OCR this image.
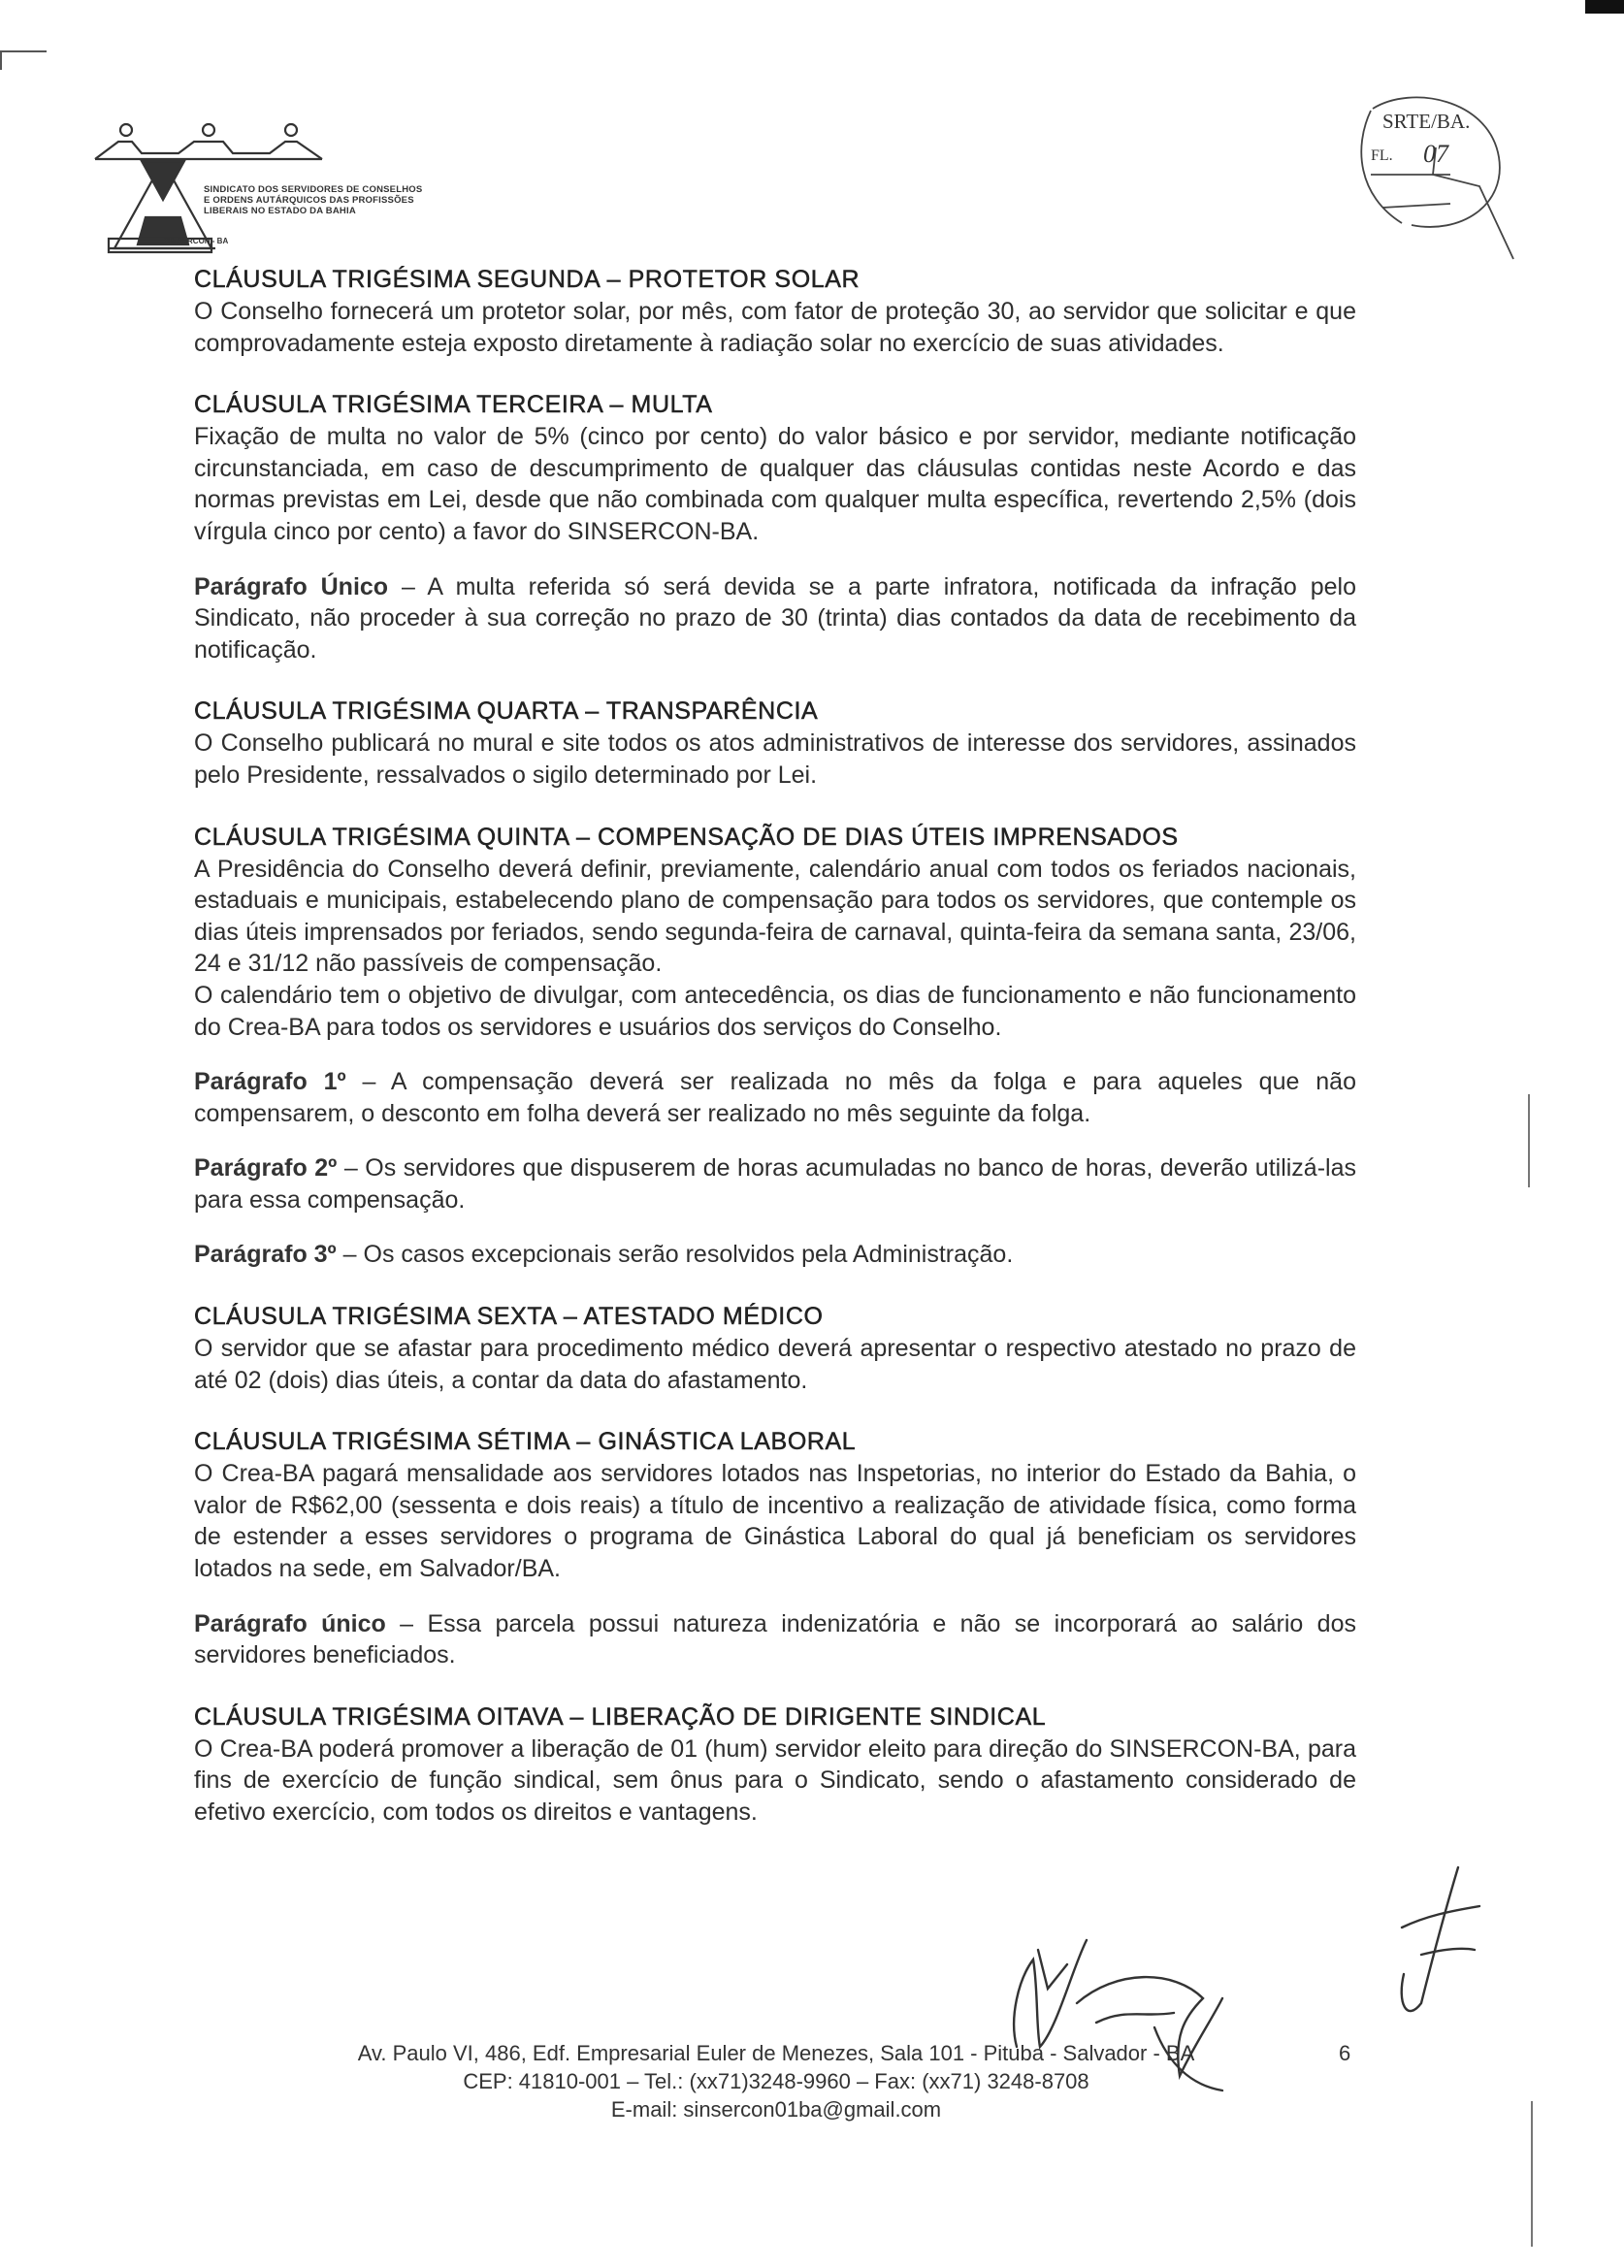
SINDICATO DOS SERVIDORES DE CONSELHOS
E ORDENS AUTÁRQUICOS DAS PROFISSÕES
LIBERAIS NO ESTADO DA BAHIA
SINSERCON - BA
SRTE/BA.
FL. 07
CLÁUSULA TRIGÉSIMA SEGUNDA – PROTETOR SOLAR

O Conselho fornecerá um protetor solar, por mês, com fator de proteção 30, ao servidor que solicitar e que comprovadamente esteja exposto diretamente à radiação solar no exercício de suas atividades.

CLÁUSULA TRIGÉSIMA TERCEIRA – MULTA

Fixação de multa no valor de 5% (cinco por cento) do valor básico e por servidor, mediante notificação circunstanciada, em caso de descumprimento de qualquer das cláusulas contidas neste Acordo e das normas previstas em Lei, desde que não combinada com qualquer multa específica, revertendo 2,5% (dois vírgula cinco por cento) a favor do SINSERCON-BA.

Parágrafo Único – A multa referida só será devida se a parte infratora, notificada da infração pelo Sindicato, não proceder à sua correção no prazo de 30 (trinta) dias contados da data de recebimento da notificação.

CLÁUSULA TRIGÉSIMA QUARTA – TRANSPARÊNCIA

O Conselho publicará no mural e site todos os atos administrativos de interesse dos servidores, assinados pelo Presidente, ressalvados o sigilo determinado por Lei.

CLÁUSULA TRIGÉSIMA QUINTA – COMPENSAÇÃO DE DIAS ÚTEIS IMPRENSADOS

A Presidência do Conselho deverá definir, previamente, calendário anual com todos os feriados nacionais, estaduais e municipais, estabelecendo plano de compensação para todos os servidores, que contemple os dias úteis imprensados por feriados, sendo segunda-feira de carnaval, quinta-feira da semana santa, 23/06, 24 e 31/12 não passíveis de compensação.

O calendário tem o objetivo de divulgar, com antecedência, os dias de funcionamento e não funcionamento do Crea-BA para todos os servidores e usuários dos serviços do Conselho.

Parágrafo 1º – A compensação deverá ser realizada no mês da folga e para aqueles que não compensarem, o desconto em folha deverá ser realizado no mês seguinte da folga.

Parágrafo 2º – Os servidores que dispuserem de horas acumuladas no banco de horas, deverão utilizá-las para essa compensação.

Parágrafo 3º – Os casos excepcionais serão resolvidos pela Administração.

CLÁUSULA TRIGÉSIMA SEXTA – ATESTADO MÉDICO

O servidor que se afastar para procedimento médico deverá apresentar o respectivo atestado no prazo de até 02 (dois) dias úteis, a contar da data do afastamento.

CLÁUSULA TRIGÉSIMA SÉTIMA – GINÁSTICA LABORAL

O Crea-BA pagará mensalidade aos servidores lotados nas Inspetorias, no interior do Estado da Bahia, o valor de R$62,00 (sessenta e dois reais) a título de incentivo a realização de atividade física, como forma de estender a esses servidores o programa de Ginástica Laboral do qual já beneficiam os servidores lotados na sede, em Salvador/BA.

Parágrafo único – Essa parcela possui natureza indenizatória e não se incorporará ao salário dos servidores beneficiados.

CLÁUSULA TRIGÉSIMA OITAVA – LIBERAÇÃO DE DIRIGENTE SINDICAL

O Crea-BA poderá promover a liberação de 01 (hum) servidor eleito para direção do SINSERCON-BA, para fins de exercício de função sindical, sem ônus para o Sindicato, sendo o afastamento considerado de efetivo exercício, com todos os direitos e vantagens.

Av. Paulo VI, 486, Edf. Empresarial Euler de Menezes, Sala 101 - Pituba - Salvador - BA
CEP: 41810-001 – Tel.: (xx71)3248-9960 – Fax: (xx71) 3248-8708
E-mail: sinsercon01ba@gmail.com
6
